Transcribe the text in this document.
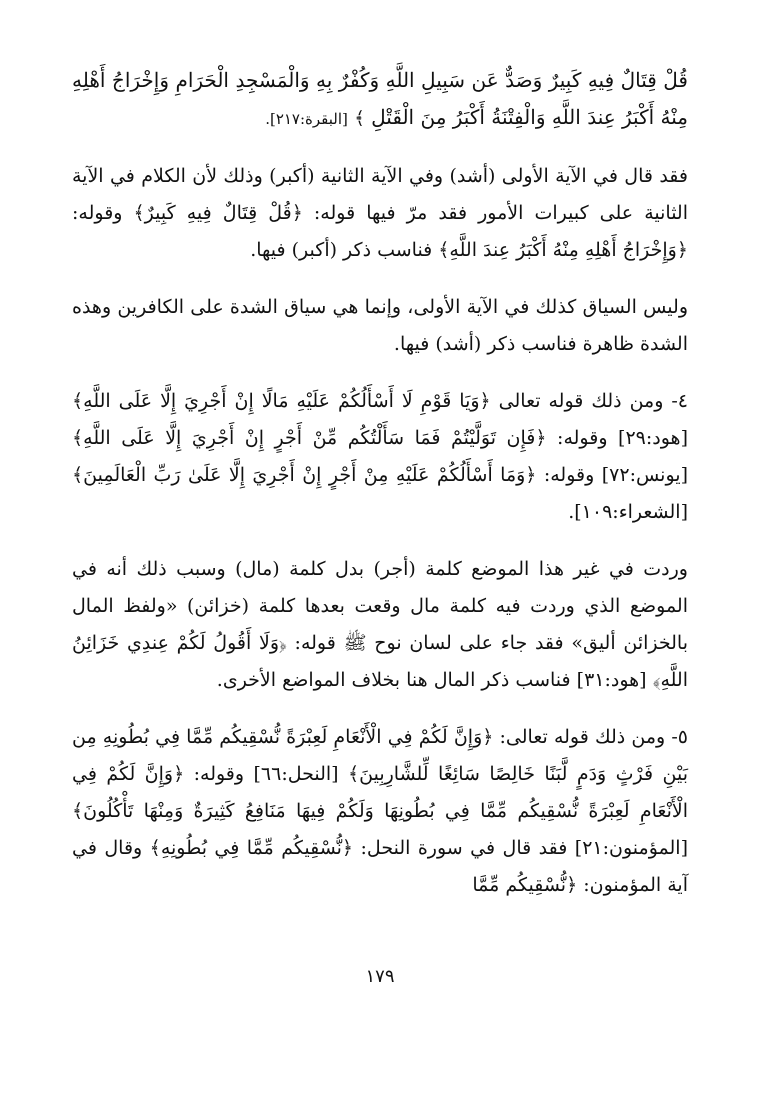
قُلْ قِتَالٌ فِيهِ كَبِيرٌ وَصَدٌّ عَن سَبِيلِ اللَّهِ وَكُفْرٌ بِهِ وَالْمَسْجِدِ الْحَرَامِ وَإِخْرَاجُ أَهْلِهِ مِنْهُ أَكْبَرُ عِندَ اللَّهِ وَالْفِتْنَةُ أَكْبَرُ مِنَ الْقَتْلِ ﴾ [البقرة:٢١٧].

فقد قال في الآية الأولى (أشد) وفي الآية الثانية (أكبر) وذلك لأن الكلام في الآية الثانية على كبيرات الأمور فقد مرّ فيها قوله: ﴿قُلْ قِتَالٌ فِيهِ كَبِيرٌ﴾ وقوله: ﴿وَإِخْرَاجُ أَهْلِهِ مِنْهُ أَكْبَرُ عِندَ اللَّهِ﴾ فناسب ذكر (أكبر) فيها.

وليس السياق كذلك في الآية الأولى، وإنما هي سياق الشدة على الكافرين وهذه الشدة ظاهرة فناسب ذكر (أشد) فيها.

٤- ومن ذلك قوله تعالى ﴿وَيَا قَوْمِ لَا أَسْأَلُكُمْ عَلَيْهِ مَالًا إِنْ أَجْرِيَ إِلَّا عَلَى اللَّهِ﴾ [هود:٢٩] وقوله: ﴿فَإِن تَوَلَّيْتُمْ فَمَا سَأَلْتُكُم مِّنْ أَجْرٍ إِنْ أَجْرِيَ إِلَّا عَلَى اللَّهِ﴾ [يونس:٧٢] وقوله: ﴿وَمَا أَسْأَلُكُمْ عَلَيْهِ مِنْ أَجْرٍ إِنْ أَجْرِيَ إِلَّا عَلَىٰ رَبِّ الْعَالَمِينَ﴾ [الشعراء:١٠٩].

وردت في غير هذا الموضع كلمة (أجر) بدل كلمة (مال) وسبب ذلك أنه في الموضع الذي وردت فيه كلمة مال وقعت بعدها كلمة (خزائن) «ولفظ المال بالخزائن أليق» فقد جاء على لسان نوح ﷺ قوله: ﴿وَلَا أَقُولُ لَكُمْ عِندِي خَزَائِنُ اللَّهِ﴾ [هود:٣١] فناسب ذكر المال هنا بخلاف المواضع الأخرى.

٥- ومن ذلك قوله تعالى: ﴿وَإِنَّ لَكُمْ فِي الْأَنْعَامِ لَعِبْرَةً نُّسْقِيكُم مِّمَّا فِي بُطُونِهِ مِن بَيْنِ فَرْثٍ وَدَمٍ لَّبَنًا خَالِصًا سَائِغًا لِّلشَّارِبِينَ﴾ [النحل:٦٦] وقوله: ﴿وَإِنَّ لَكُمْ فِي الْأَنْعَامِ لَعِبْرَةً نُّسْقِيكُم مِّمَّا فِي بُطُونِهَا وَلَكُمْ فِيهَا مَنَافِعُ كَثِيرَةٌ وَمِنْهَا تَأْكُلُونَ﴾ [المؤمنون:٢١] فقد قال في سورة النحل: ﴿نُّسْقِيكُم مِّمَّا فِي بُطُونِهِ﴾ وقال في آية المؤمنون: ﴿نُّسْقِيكُم مِّمَّا

١٧٩
